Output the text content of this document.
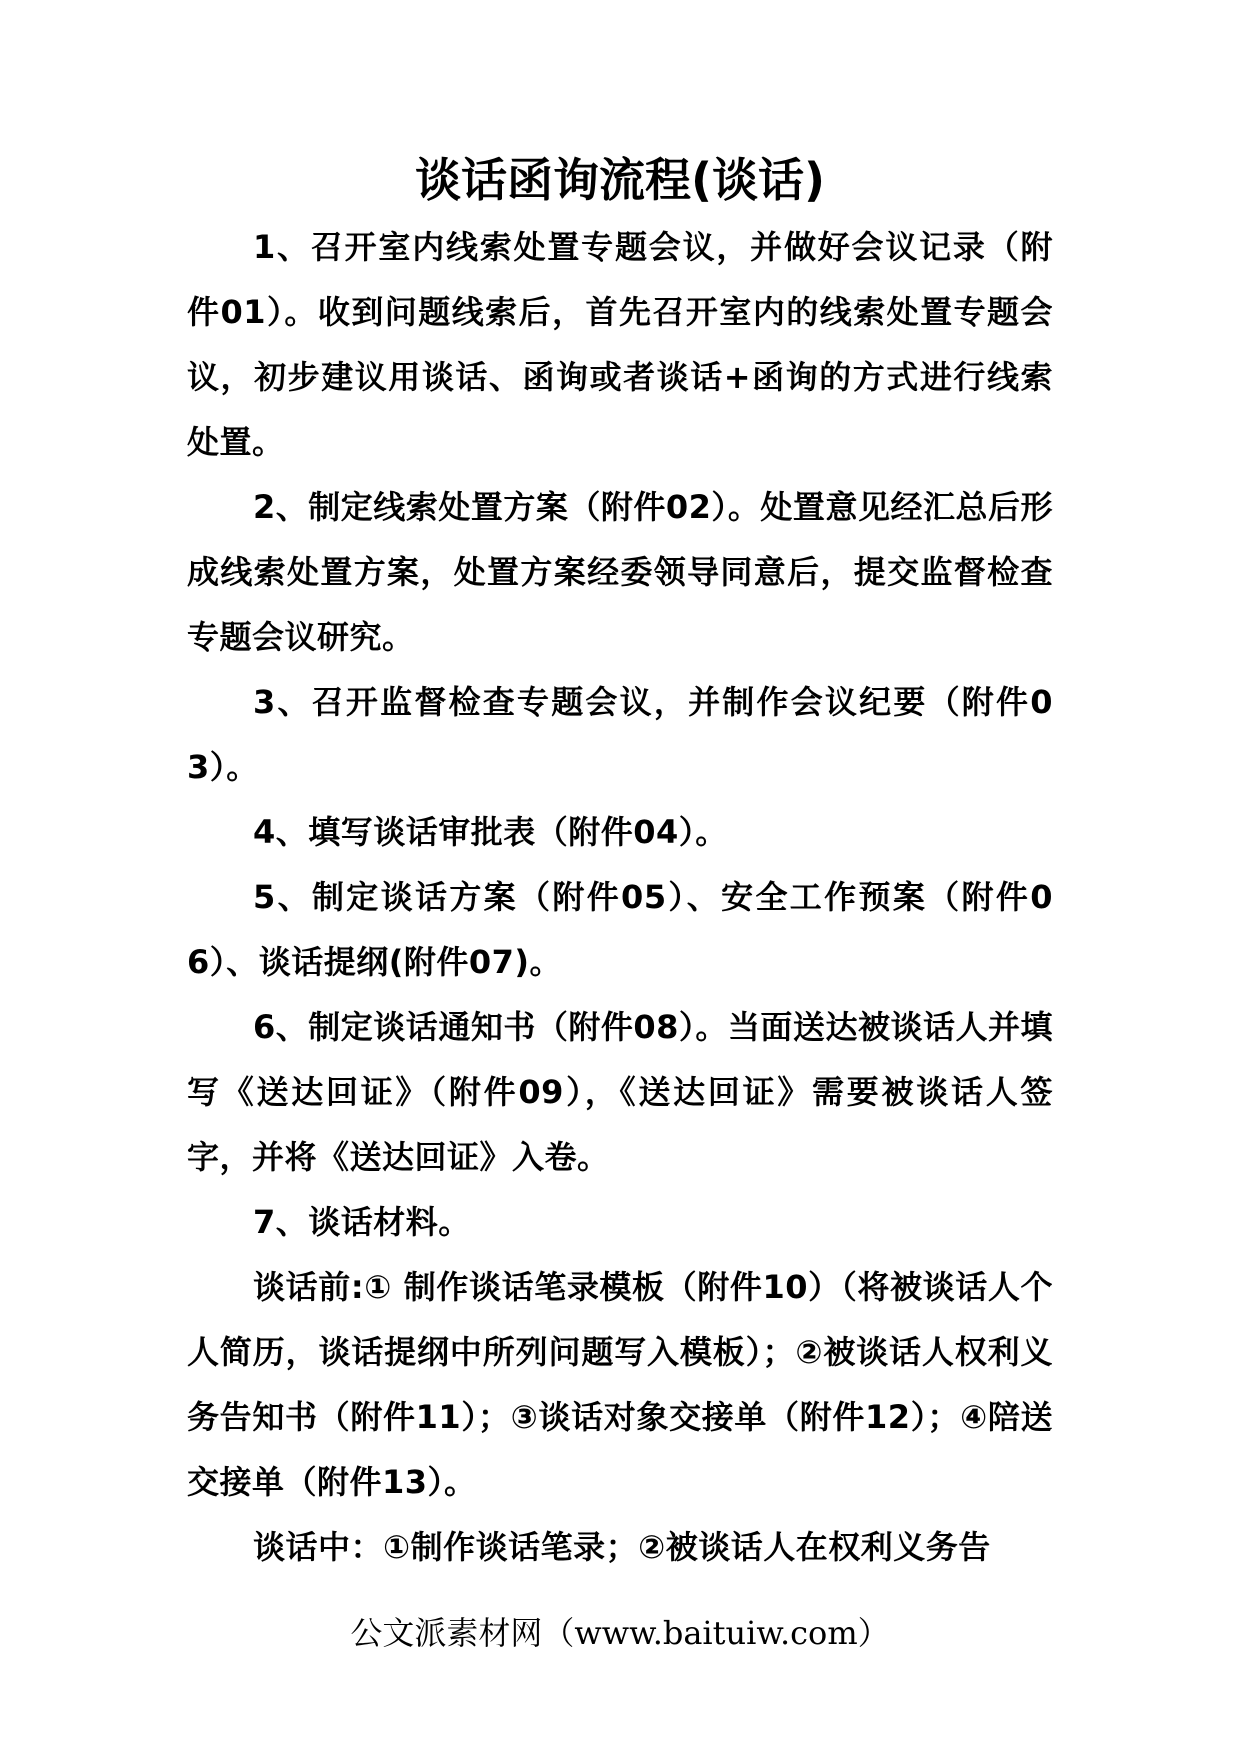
谈话函询流程(谈话)

1、召开室内线索处置专题会议，并做好会议记录（附件01）。收到问题线索后，首先召开室内的线索处置专题会议，初步建议用谈话、函询或者谈话+函询的方式进行线索处置。

2、制定线索处置方案（附件02）。处置意见经汇总后形成线索处置方案，处置方案经委领导同意后，提交监督检查专题会议研究。

3、召开监督检查专题会议，并制作会议纪要（附件03）。

4、填写谈话审批表（附件04）。

5、制定谈话方案（附件05）、安全工作预案（附件06）、谈话提纲(附件07)。

6、制定谈话通知书（附件08）。当面送达被谈话人并填写《送达回证》（附件09），《送达回证》需要被谈话人签字，并将《送达回证》入卷。

7、谈话材料。

谈话前:① 制作谈话笔录模板（附件10）（将被谈话人个人简历，谈话提纲中所列问题写入模板）；②被谈话人权利义务告知书（附件11）；③谈话对象交接单（附件12）；④陪送交接单（附件13）。

谈话中：①制作谈话笔录；②被谈话人在权利义务告

公文派素材网（www.baituiw.com）
